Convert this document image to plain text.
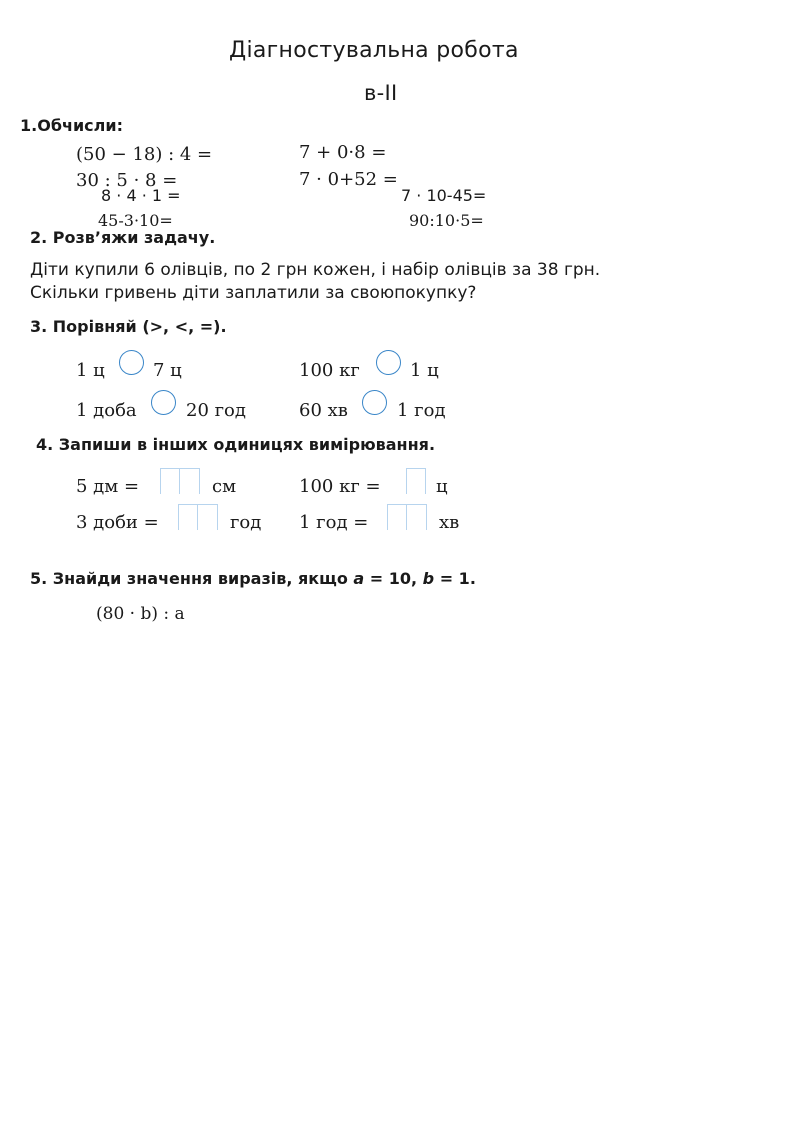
Діагностувальна робота
в-ІІ
1.Обчисли:
(50 − 18) : 4 =	7 + 0·8 =
30 : 5 · 8 =	7 · 0+52 =
8 · 4 · 1 =	7 · 10-45=
45-3·10=	90:10·5=
2. Розв’яжи задачу.
Діти купили 6 олівців, по 2 грн кожен, і набір олівців за 38 грн.
Скільки гривень діти заплатили за своюпокупку?
3. Порівняй (>, <, =).
1 ц	7 ц	100 кг	1 ц
1 доба	20 год	60 хв	1 год
4. Запиши в інших одиницях вимірювання.
5 дм =	см	100 кг =	ц
3 доби =	год 1 год =	хв
5. Знайди значення виразів, якщо a = 10, b = 1.
(80 · b) : a
